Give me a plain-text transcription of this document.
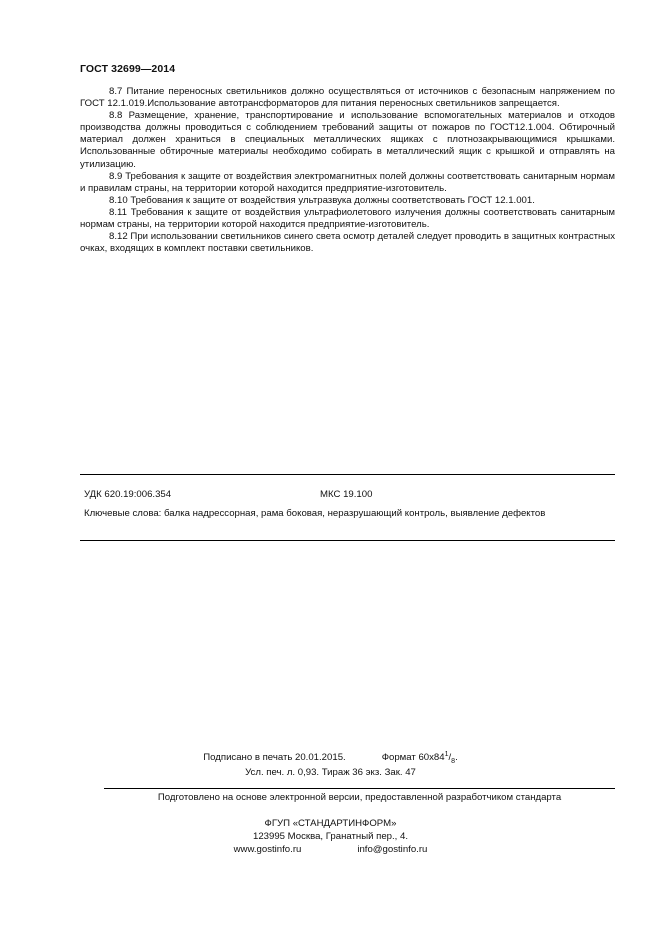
ГОСТ 32699—2014

8.7 Питание переносных светильников должно осуществляться от источников с безопасным напряжением по ГОСТ 12.1.019.Использование автотрансформаторов для питания переносных светильников запрещается.

8.8 Размещение, хранение, транспортирование и использование вспомогательных материалов и отходов производства должны проводиться с соблюдением требований защиты от пожаров по ГОСТ12.1.004. Обтирочный материал должен храниться в специальных металлических ящиках с плотнозакрывающимися крышками. Использованные обтирочные материалы необходимо собирать в металлический ящик с крышкой и отправлять на утилизацию.

8.9 Требования к защите от воздействия электромагнитных полей должны соответствовать санитарным нормам и правилам страны, на территории которой находится предприятие-изготовитель.

8.10 Требования к защите от воздействия ультразвука должны соответствовать ГОСТ 12.1.001.

8.11 Требования к защите от воздействия ультрафиолетового излучения должны соответствовать санитарным нормам страны, на территории которой находится предприятие-изготовитель.

8.12 При использовании светильников синего света осмотр деталей следует проводить в защитных контрастных очках, входящих в комплект поставки светильников.

УДК 620.19:006.354	МКС 19.100
Ключевые слова: балка надрессорная, рама боковая, неразрушающий контроль, выявление дефектов
Подписано в печать 20.01.2015.	Формат $60x84^1/_8$.
Усл. печ. л. 0,93. Тираж 36 экз. Зак. 47
Подготовлено на основе электронной версии, предоставленной разработчиком стандарта
ФГУП «СТАНДАРТИНФОРМ»
123995 Москва, Гранатный пер., 4.
www.gostinfo.ru	info@gostinfo.ru
